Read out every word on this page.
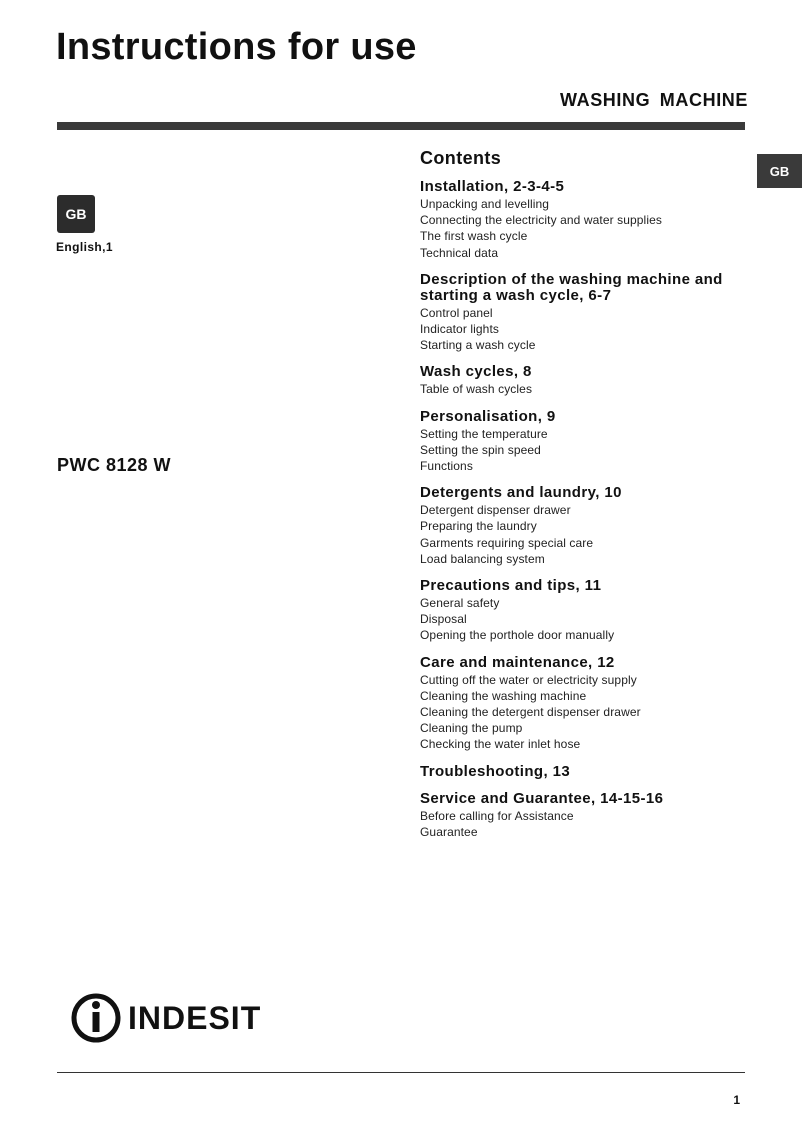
Instructions for use
WASHING MACHINE
GB
GB
English,1
PWC 8128 W
Contents
Installation, 2-3-4-5
Unpacking and levelling
Connecting the electricity and water supplies
The first wash cycle
Technical data
Description of the washing machine and starting a wash cycle, 6-7
Control panel
Indicator lights
Starting a wash cycle
Wash cycles, 8
Table of wash cycles
Personalisation, 9
Setting the temperature
Setting the spin speed
Functions
Detergents and laundry, 10
Detergent dispenser drawer
Preparing the laundry
Garments requiring special care
Load balancing system
Precautions and tips, 11
General safety
Disposal
Opening the porthole door manually
Care and maintenance, 12
Cutting off the water or electricity supply
Cleaning the washing machine
Cleaning the detergent dispenser drawer
Cleaning the pump
Checking the water inlet hose
Troubleshooting, 13
Service and Guarantee, 14-15-16
Before calling for Assistance
Guarantee
INDESIT
1
